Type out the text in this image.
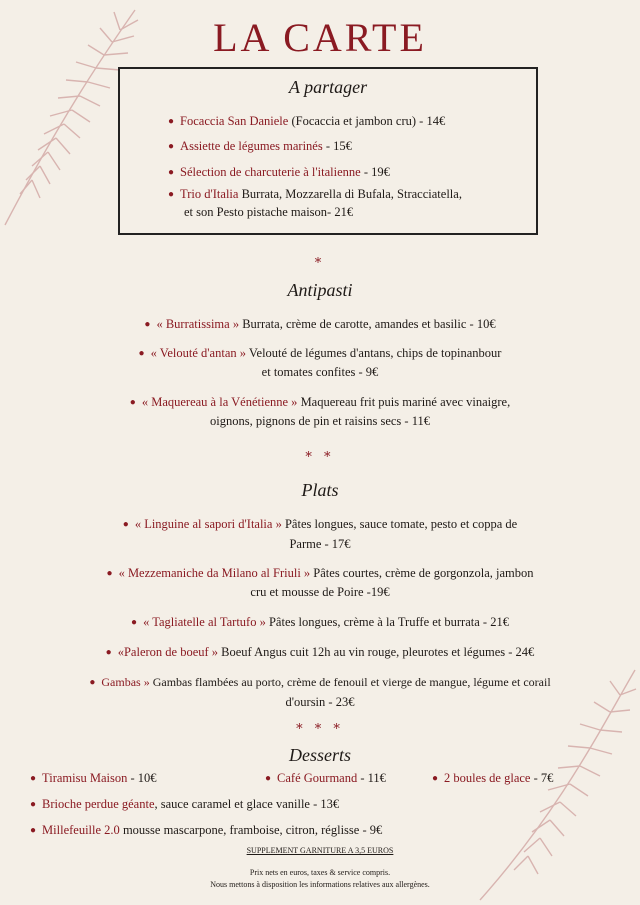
LA CARTE
A partager
● Focaccia San Daniele (Focaccia et jambon cru) - 14€
● Assiette de légumes marinés - 15€
● Sélection de charcuterie à l'italienne - 19€
● Trio d'Italia Burrata, Mozzarella di Bufala, Stracciatella,
et son Pesto pistache maison- 21€
*
Antipasti
● « Burratissima » Burrata, crème de carotte, amandes et basilic - 10€
● « Velouté d'antan » Velouté de légumes d'antans, chips de topinanbour
et tomates confites - 9€
● « Maquereau à la Vénétienne » Maquereau frit puis mariné avec vinaigre,
oignons, pignons de pin et raisins secs - 11€
* *
Plats
● « Linguine al sapori d'Italia » Pâtes longues, sauce tomate, pesto et coppa de
Parme - 17€
● « Mezzemaniche da Milano al Friuli » Pâtes courtes, crème de gorgonzola, jambon
cru et mousse de Poire -19€
● « Tagliatelle al Tartufo » Pâtes longues, crème à la Truffe et burrata - 21€
● «Paleron de boeuf » Boeuf Angus cuit 12h au vin rouge, pleurotes et légumes - 24€
● Gambas » Gambas flambées au porto, crème de fenouil et vierge de mangue, légume et corail
d'oursin - 23€
* * *
Desserts
● Tiramisu Maison - 10€	● Café Gourmand - 11€	● 2 boules de glace - 7€
● Brioche perdue géante, sauce caramel et glace vanille - 13€
● Millefeuille 2.0 mousse mascarpone, framboise, citron, réglisse - 9€
SUPPLEMENT GARNITURE A 3,5 EUROS
Prix nets en euros, taxes & service compris.
Nous mettons à disposition les informations relatives aux allergènes.
